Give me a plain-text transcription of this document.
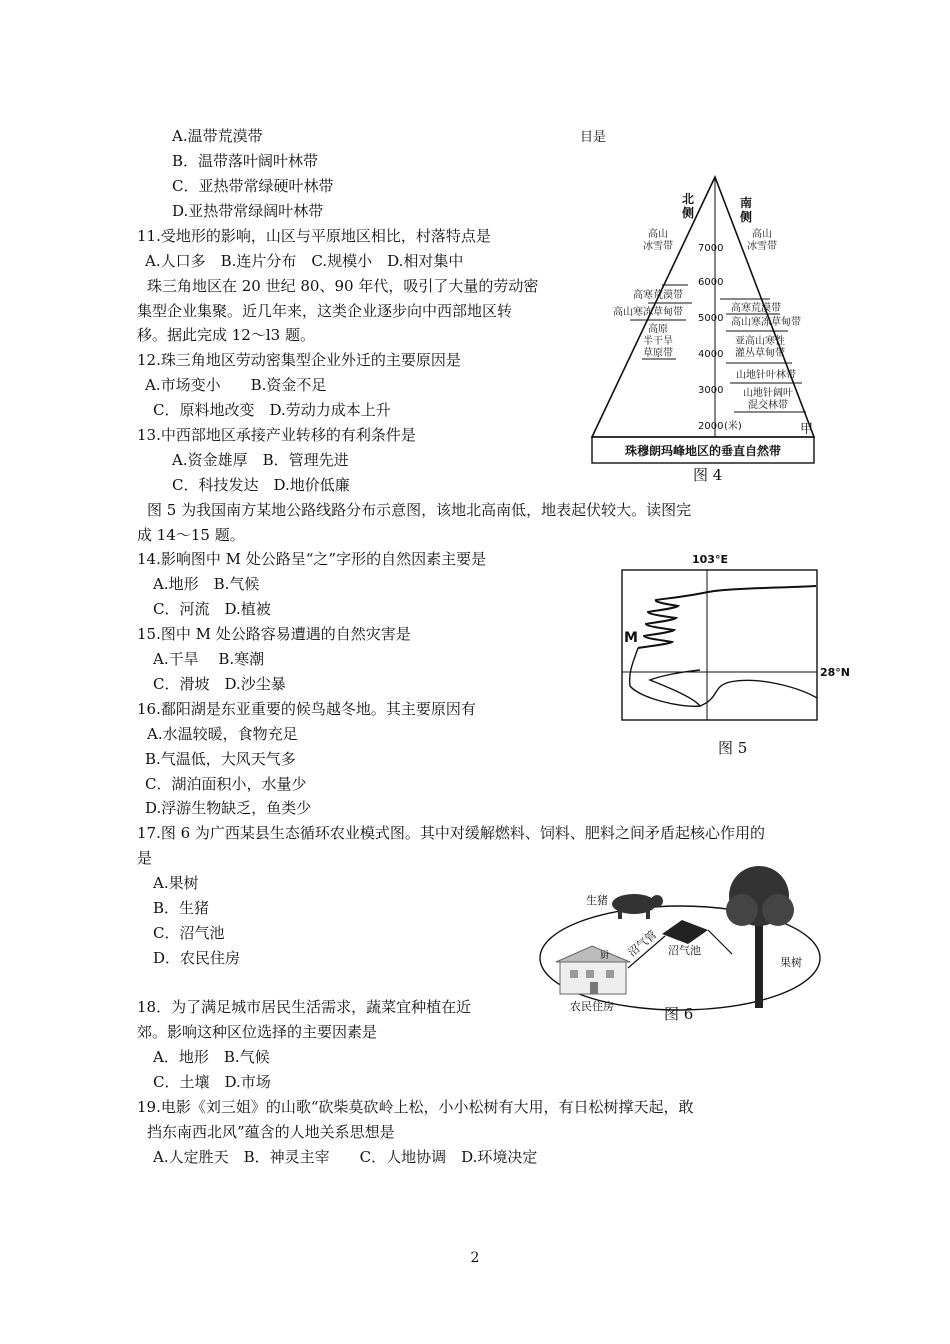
A.温带荒漠带
B．温带落叶阔叶林带
C．亚热带常绿硬叶林带
D.亚热带常绿阔叶林带
11.受地形的影响，山区与平原地区相比，村落特点是
A.人口多　B.连片分布　C.规模小　D.相对集中
珠三角地区在 20 世纪 80、90 年代，吸引了大量的劳动密
集型企业集聚。近几年来，这类企业逐步向中西部地区转
移。据此完成 12～l3 题。
12.珠三角地区劳动密集型企业外迁的主要原因是
A.市场变小　　B.资金不足
C．原料地改变　D.劳动力成本上升
13.中西部地区承接产业转移的有利条件是
A.资金雄厚　B．管理先进
C．科技发达　D.地价低廉
图 5 为我国南方某地公路线路分布示意图，该地北高南低，地表起伏较大。读图完
成 14～15 题。
14.影响图中 M 处公路呈“之”字形的自然因素主要是
A.地形　B.气候
C．河流　D.植被
15.图中 M 处公路容易遭遇的自然灾害是
A.干旱　 B.寒潮
C．滑坡　D.沙尘暴
16.鄱阳湖是东亚重要的候鸟越冬地。其主要原因有
A.水温较暖，食物充足
B.气温低，大风天气多
C．湖泊面积小，水量少
D.浮游生物缺乏，鱼类少
17.图 6 为广西某县生态循环农业模式图。其中对缓解燃料、饲料、肥料之间矛盾起核心作用的
是
A.果树
B．生猪
C．沼气池
D．农民住房
18．为了满足城市居民生活需求，蔬菜宜种植在近
郊。影响这种区位选择的主要因素是
A．地形　B.气候
C．土壤　D.市场
19.电影《刘三姐》的山歌“砍柴莫砍岭上松，小小松树有大用，有日松树撑天起，敢
挡东南西北风”蕴含的人地关系思想是
A.人定胜天　B．神灵主宰　　C．人地协调　D.环境决定
目是
珠穆朗玛峰地区的垂直自然带
甲
北
侧
南
侧
7000
6000
5000
4000
3000
2000 (米)
高山
冰雪带
高寒荒漠带
高山寒冻草甸带
高原
半干旱
草原带
高山
冰雪带
高寒荒漠带
高山寒冻草甸带
亚高山寒性
灌丛草甸带
山地针叶林带
山地针阔叶
混交林带
图 4
103°E
28°N
M
图 5
生猪
沼气池
沼气管
果树
厨
农民住房	图 6
2
